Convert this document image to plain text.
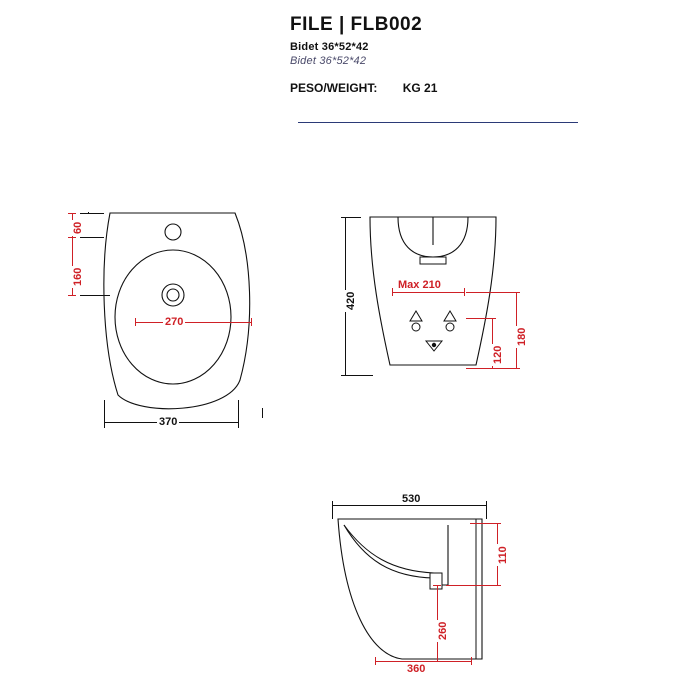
FILE | FLB002
Bidet 36*52*42
Bidet 36*52*42
PESO/WEIGHT: KG 21
60
160
270
370
420
Max 210
180
120
530
110
260
360
